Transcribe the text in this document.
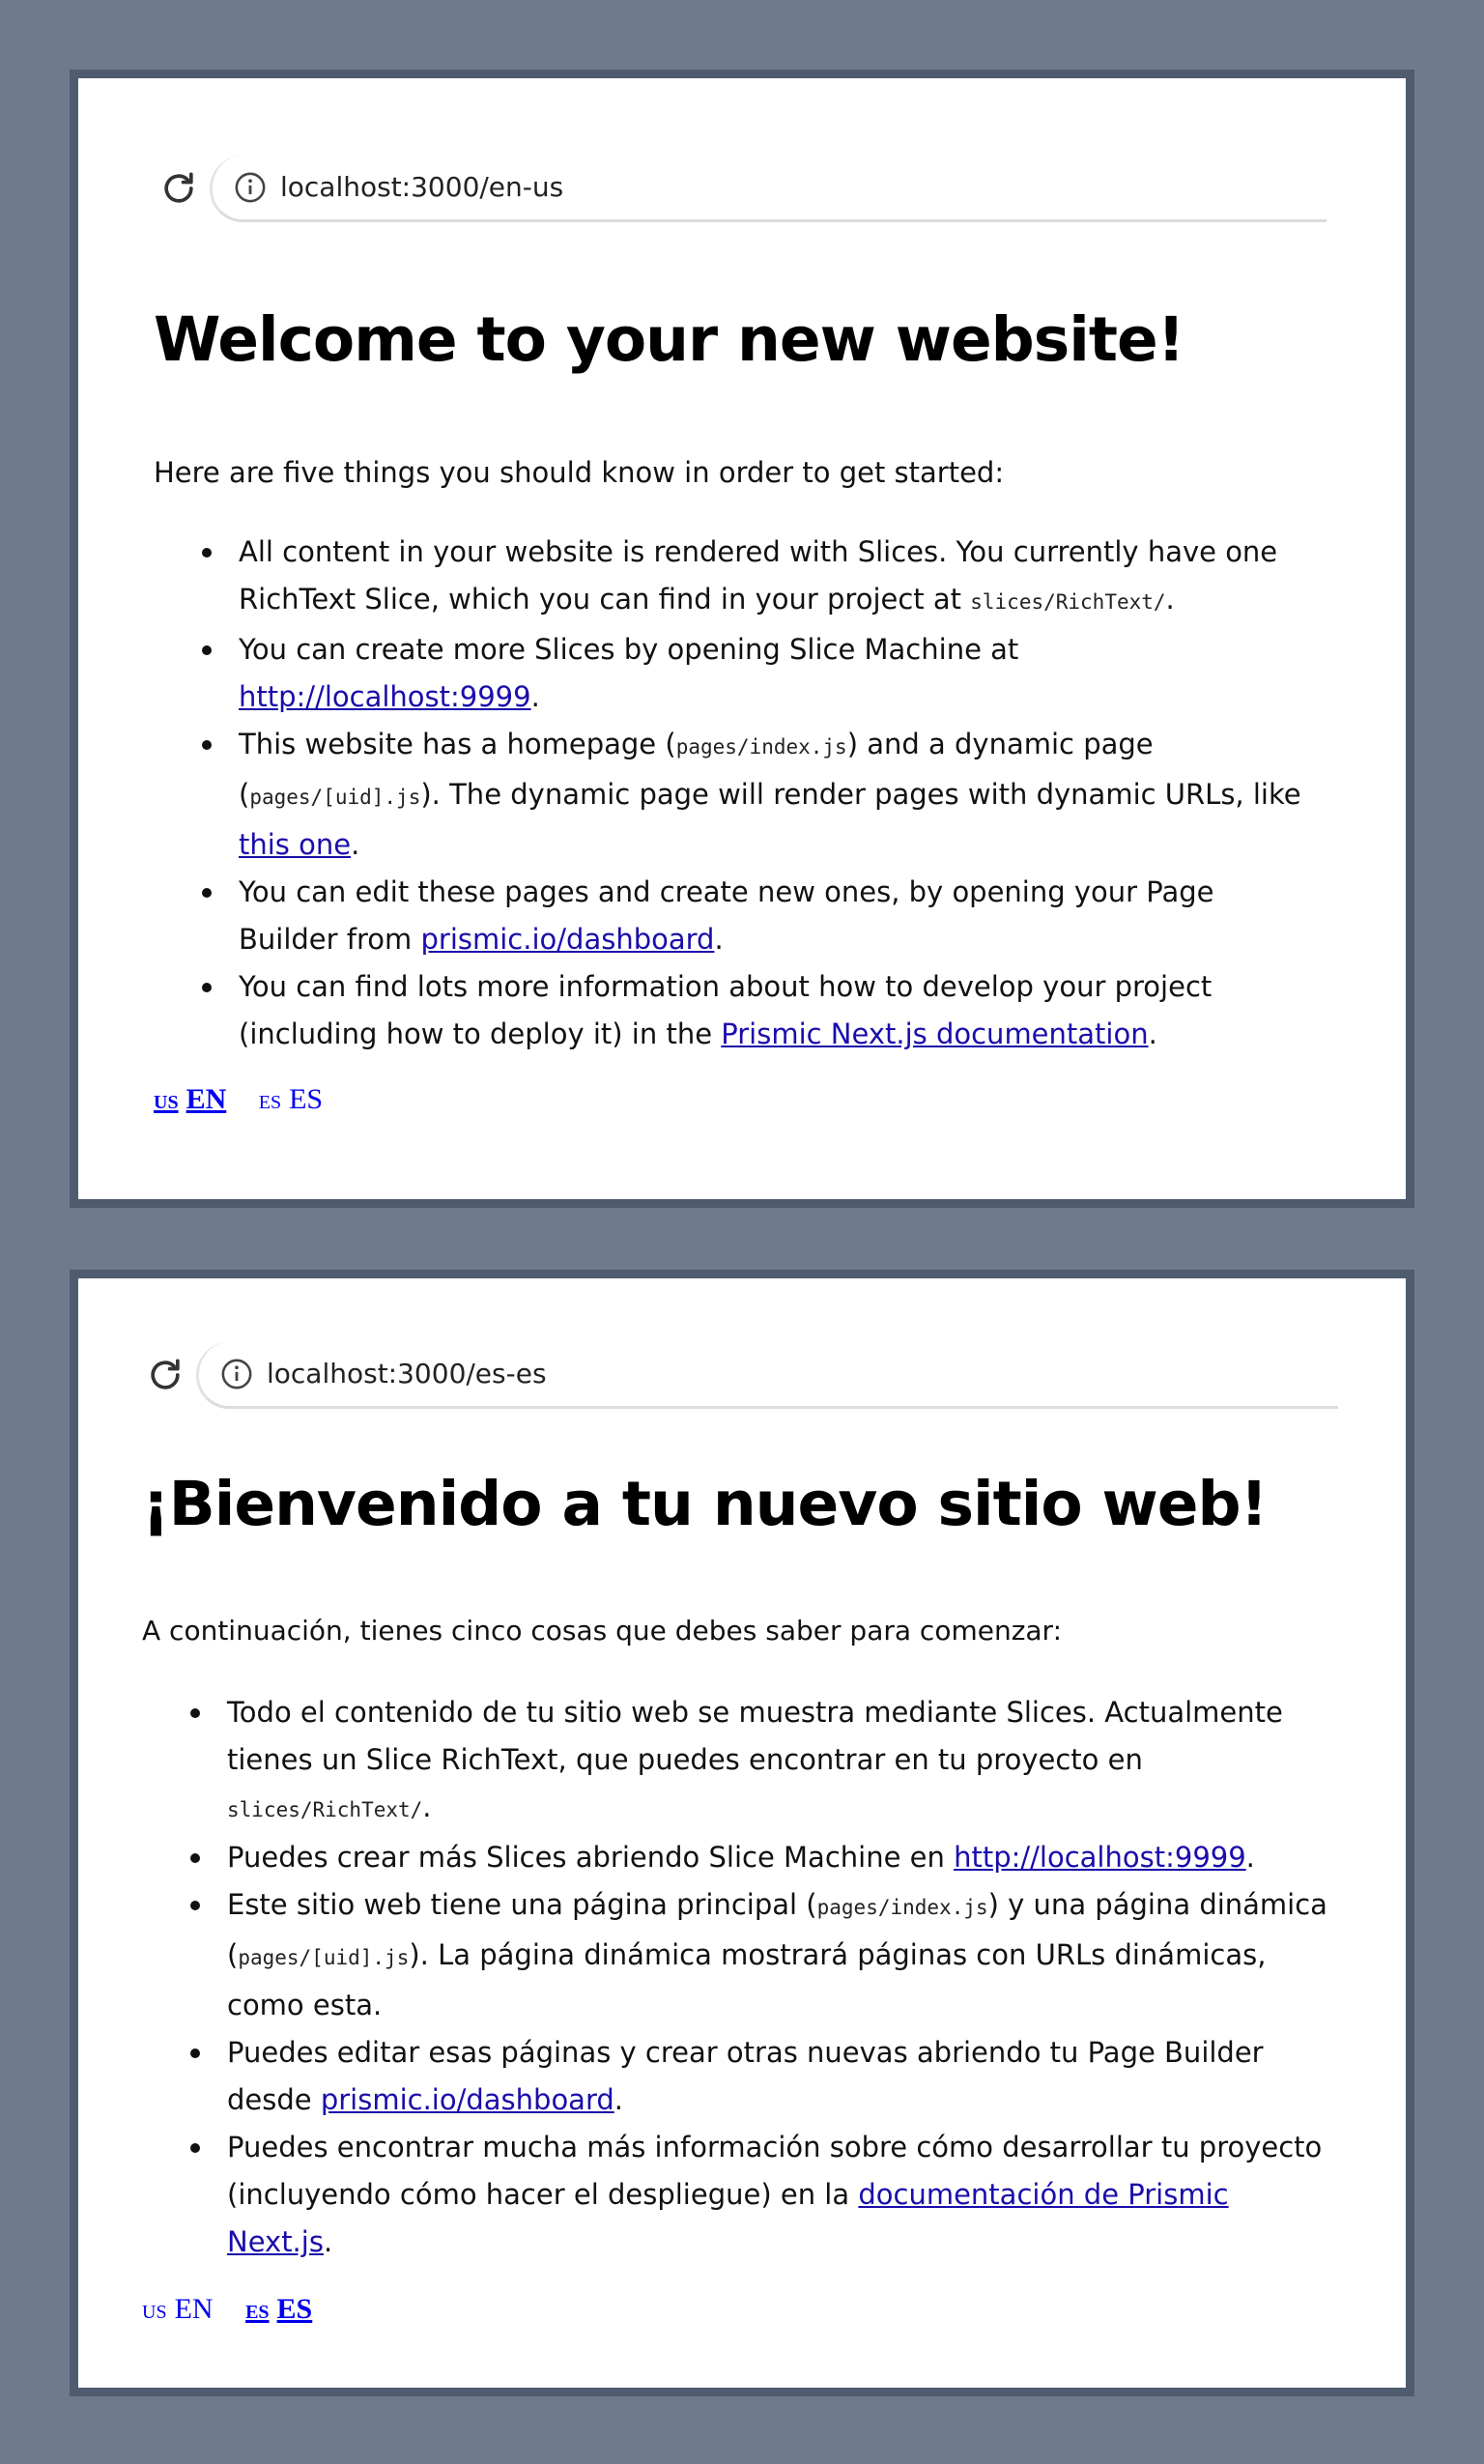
localhost:3000/en-us
Welcome to your new website!

Here are five things you should know in order to get started:

All content in your website is rendered with Slices. You currently have one RichText Slice, which you can find in your project at slices/RichText/.
You can create more Slices by opening Slice Machine at http://localhost:9999.
This website has a homepage (pages/index.js) and a dynamic page (pages/[uid].js). The dynamic page will render pages with dynamic URLs, like this one.
You can edit these pages and create new ones, by opening your Page Builder from prismic.io/dashboard.
You can find lots more information about how to develop your project (including how to deploy it) in the Prismic Next.js documentation.
US EN ES ES
localhost:3000/es-es
¡Bienvenido a tu nuevo sitio web!

A continuación, tienes cinco cosas que debes saber para comenzar:

Todo el contenido de tu sitio web se muestra mediante Slices. Actualmente tienes un Slice RichText, que puedes encontrar en tu proyecto en slices/RichText/.
Puedes crear más Slices abriendo Slice Machine en http://localhost:9999.
Este sitio web tiene una página principal (pages/index.js) y una página dinámica (pages/[uid].js). La página dinámica mostrará páginas con URLs dinámicas, como esta.
Puedes editar esas páginas y crear otras nuevas abriendo tu Page Builder desde prismic.io/dashboard.
Puedes encontrar mucha más información sobre cómo desarrollar tu proyecto (incluyendo cómo hacer el despliegue) en la documentación de Prismic Next.js.
US EN ES ES
